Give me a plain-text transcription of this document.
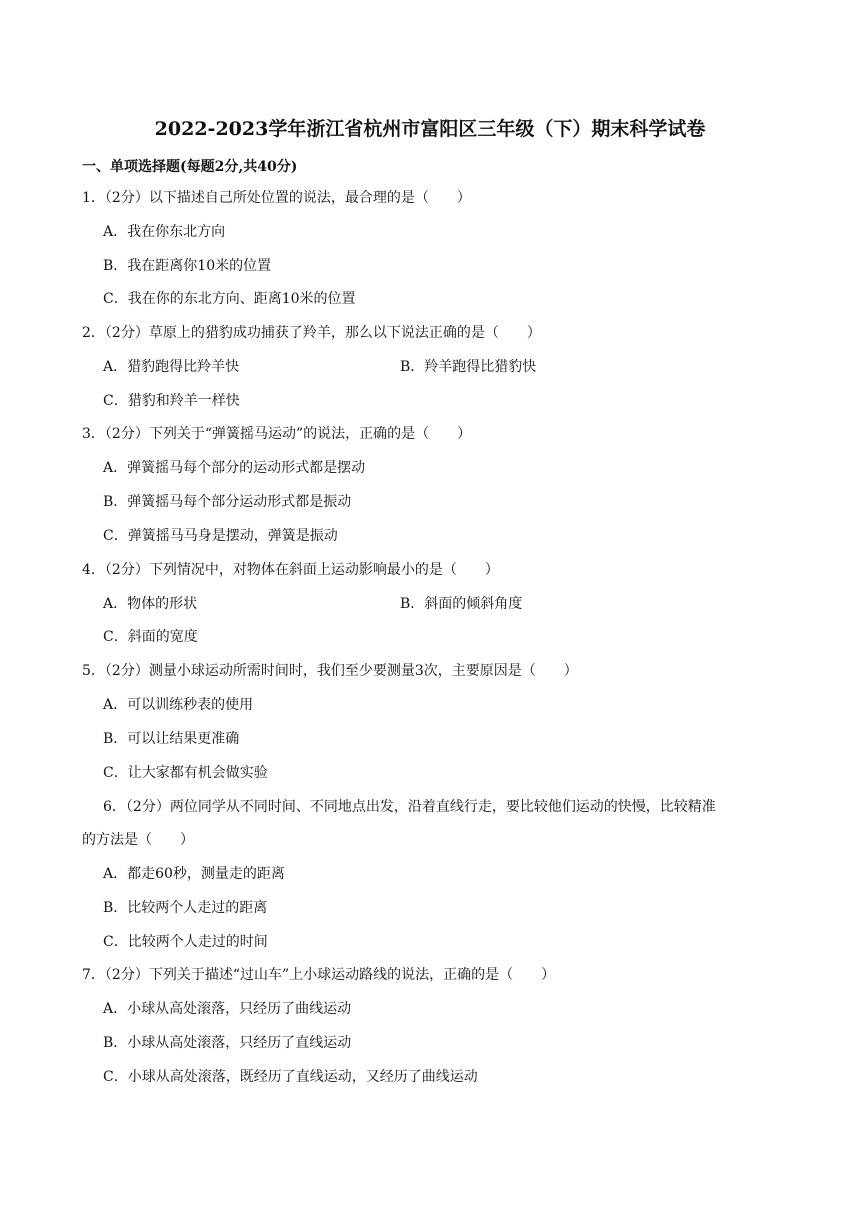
2022-2023学年浙江省杭州市富阳区三年级（下）期末科学试卷
一、单项选择题(每题2分,共40分)
1．（2分）以下描述自己所处位置的说法，最合理的是（　　）
A．我在你东北方向
B．我在距离你10米的位置
C．我在你的东北方向、距离10米的位置
2．（2分）草原上的猎豹成功捕获了羚羊，那么以下说法正确的是（　　）
A．猎豹跑得比羚羊快	B．羚羊跑得比猎豹快
C．猎豹和羚羊一样快
3．（2分）下列关于“弹簧摇马运动”的说法，正确的是（　　）
A．弹簧摇马每个部分的运动形式都是摆动
B．弹簧摇马每个部分运动形式都是振动
C．弹簧摇马马身是摆动，弹簧是振动
4．（2分）下列情况中，对物体在斜面上运动影响最小的是（　　）
A．物体的形状	B．斜面的倾斜角度
C．斜面的宽度
5．（2分）测量小球运动所需时间时，我们至少要测量3次，主要原因是（　　）
A．可以训练秒表的使用
B．可以让结果更准确
C．让大家都有机会做实验
6．（2分）两位同学从不同时间、不同地点出发，沿着直线行走，要比较他们运动的快慢，比较精准
的方法是（　　）
A．都走60秒，测量走的距离
B．比较两个人走过的距离
C．比较两个人走过的时间
7．（2分）下列关于描述“过山车”上小球运动路线的说法，正确的是（　　）
A．小球从高处滚落，只经历了曲线运动
B．小球从高处滚落，只经历了直线运动
C．小球从高处滚落，既经历了直线运动，又经历了曲线运动
